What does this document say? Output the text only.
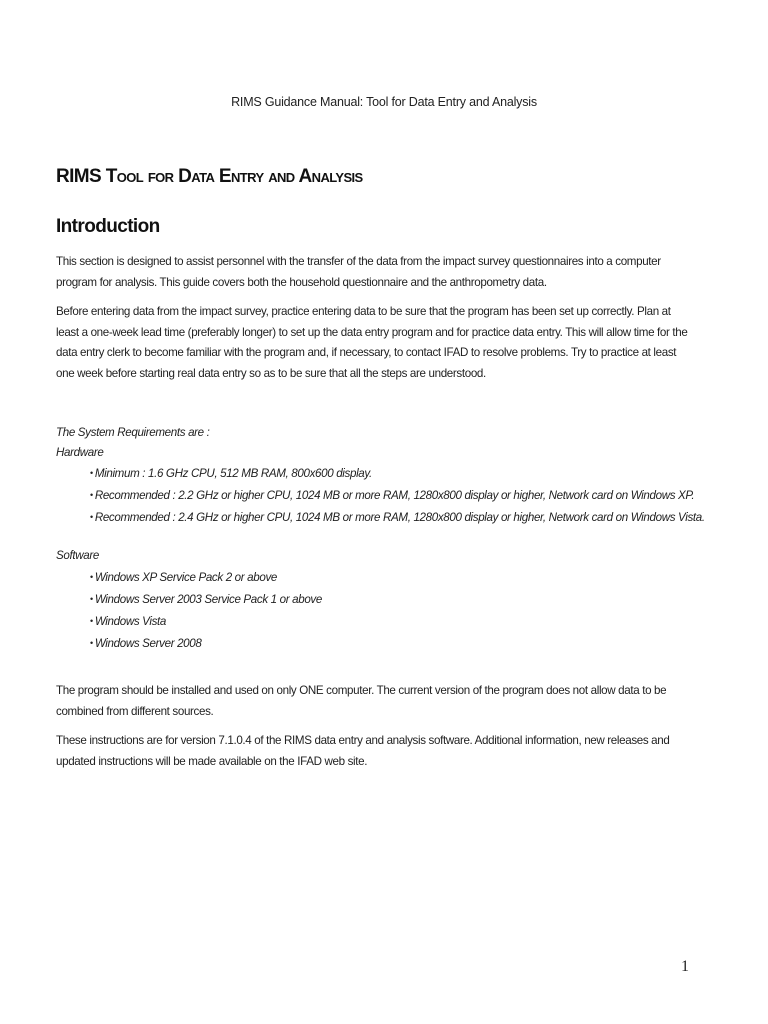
RIMS Guidance Manual: Tool for Data Entry and Analysis
RIMS Tool for Data Entry and Analysis
Introduction

This section is designed to assist personnel with the transfer of the data from the impact survey questionnaires into a computer program for analysis. This guide covers both the household questionnaire and the anthropometry data.

Before entering data from the impact survey, practice entering data to be sure that the program has been set up correctly. Plan at least a one-week lead time (preferably longer) to set up the data entry program and for practice data entry. This will allow time for the data entry clerk to become familiar with the program and, if necessary, to contact IFAD to resolve problems. Try to practice at least one week before starting real data entry so as to be sure that all the steps are understood.

The System Requirements are :
Hardware
• Minimum : 1.6 GHz CPU, 512 MB RAM, 800x600 display.
• Recommended : 2.2 GHz or higher CPU, 1024 MB or more RAM, 1280x800 display or higher, Network card on Windows XP.
• Recommended : 2.4 GHz or higher CPU, 1024 MB or more RAM, 1280x800 display or higher, Network card on Windows Vista.
Software
• Windows XP Service Pack 2 or above
• Windows Server 2003 Service Pack 1 or above
• Windows Vista
• Windows Server 2008

The program should be installed and used on only ONE computer. The current version of the program does not allow data to be combined from different sources.

These instructions are for version 7.1.0.4 of the RIMS data entry and analysis software. Additional information, new releases and updated instructions will be made available on the IFAD web site.

1
